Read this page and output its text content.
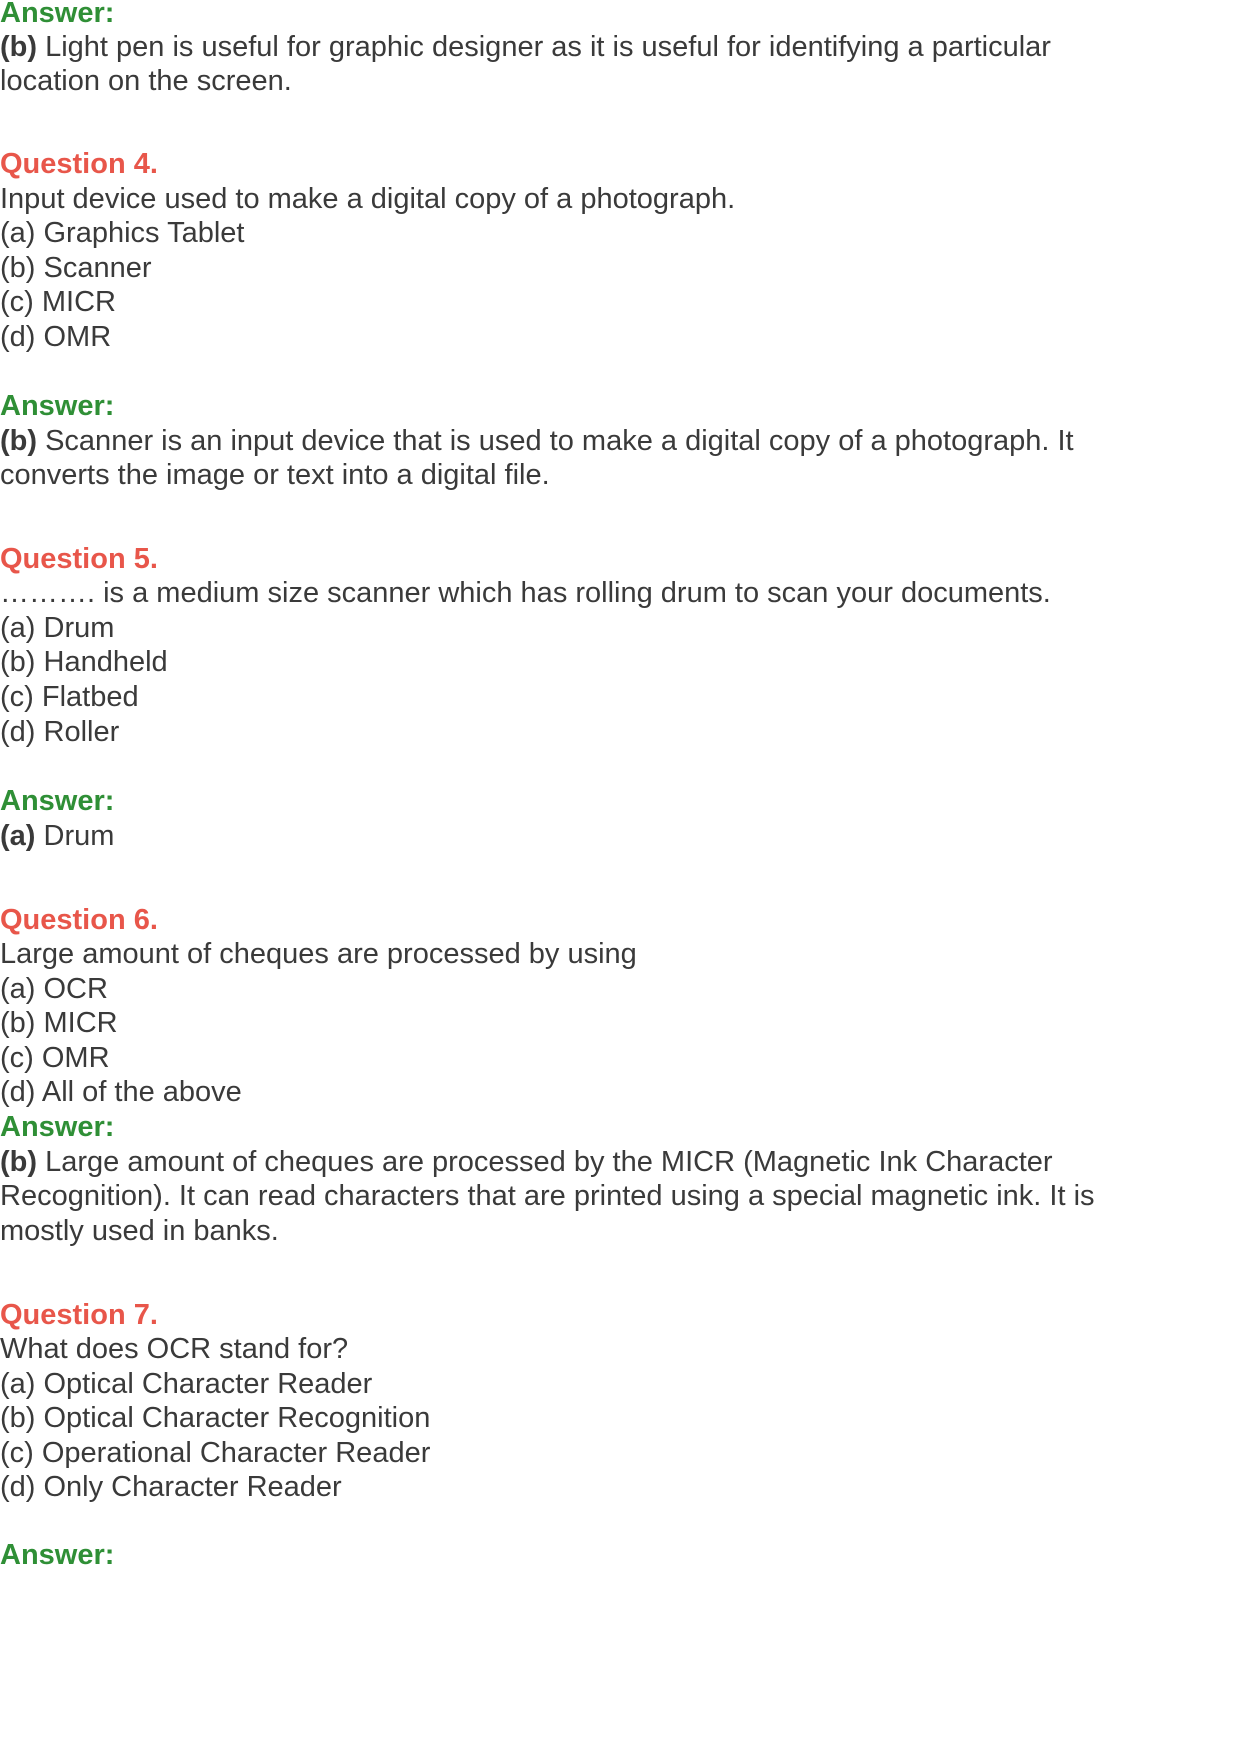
Answer:
(b) Light pen is useful for graphic designer as it is useful for identifying a particular
location on the screen.
Question 4.
Input device used to make a digital copy of a photograph.
(a) Graphics Tablet
(b) Scanner
(c) MICR
(d) OMR
Answer:
(b) Scanner is an input device that is used to make a digital copy of a photograph. It
converts the image or text into a digital file.
Question 5.
………. is a medium size scanner which has rolling drum to scan your documents.
(a) Drum
(b) Handheld
(c) Flatbed
(d) Roller
Answer:
(a) Drum
Question 6.
Large amount of cheques are processed by using
(a) OCR
(b) MICR
(c) OMR
(d) All of the above
Answer:
(b) Large amount of cheques are processed by the MICR (Magnetic Ink Character
Recognition). It can read characters that are printed using a special magnetic ink. It is
mostly used in banks.
Question 7.
What does OCR stand for?
(a) Optical Character Reader
(b) Optical Character Recognition
(c) Operational Character Reader
(d) Only Character Reader
Answer:
